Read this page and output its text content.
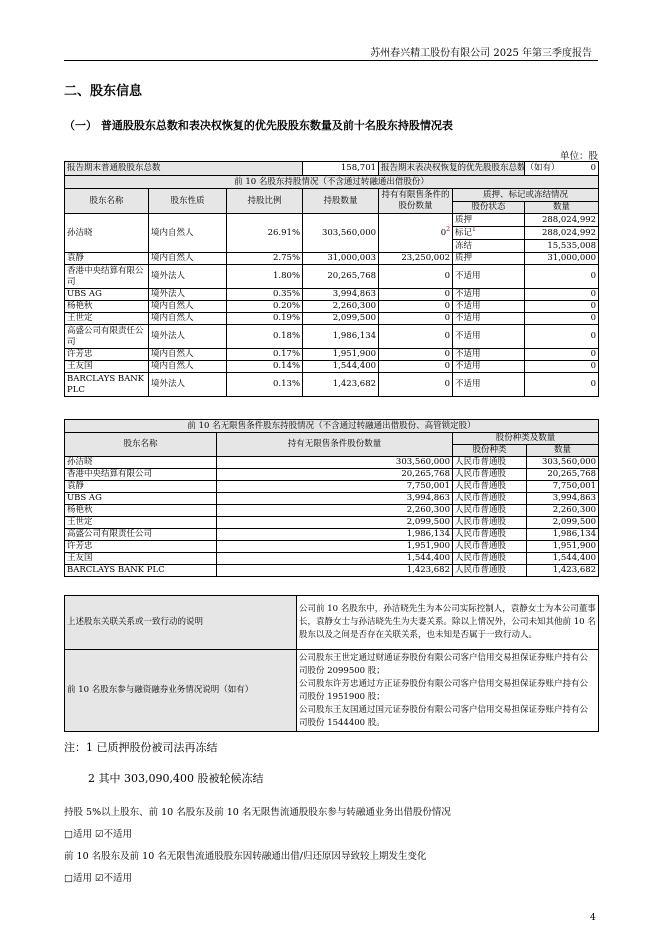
苏州春兴精工股份有限公司 2025 年第三季度报告
二、股东信息
（一） 普通股股东总数和表决权恢复的优先股股东数量及前十名股东持股情况表
单位：股
报告期末普通股股东总数			158,701	报告期末表决权恢复的优先股股东总数（如有）		0
前 10 名股东持股情况（不含通过转融通出借股份）						
股东名称	股东性质	持股比例	持股数量	持有有限售条件的股份数量	质押、标记或冻结情况	
					股份状态	数量
孙洁晓	境内自然人	26.91%	303,560,000	$0^2$	质押	288,024,992
					标记$^1$	288,024,992
					冻结	15,535,008
袁静	境内自然人	2.75%	31,000,003	23,250,002	质押	31,000,000
香港中央结算有限公司	境外法人	1.80%	20,265,768	0	不适用	0
UBS AG	境外法人	0.35%	3,994,863	0	不适用	0
杨艳秋	境内自然人	0.20%	2,260,300	0	不适用	0
王世定	境内自然人	0.19%	2,099,500	0	不适用	0
高盛公司有限责任公司	境外法人	0.18%	1,986,134	0	不适用	0
许芳忠	境内自然人	0.17%	1,951,900	0	不适用	0
王友国	境内自然人	0.14%	1,544,400	0	不适用	0
BARCLAYS BANK PLC	境外法人	0.13%	1,423,682	0	不适用	0
前 10 名无限售条件股东持股情况（不含通过转融通出借股份、高管锁定股）			
股东名称	持有无限售条件股份数量	股份种类及数量	
		股份种类	数量
孙洁晓	303,560,000	人民币普通股	303,560,000
香港中央结算有限公司	20,265,768	人民币普通股	20,265,768
袁静	7,750,001	人民币普通股	7,750,001
UBS AG	3,994,863	人民币普通股	3,994,863
杨艳秋	2,260,300	人民币普通股	2,260,300
王世定	2,099,500	人民币普通股	2,099,500
高盛公司有限责任公司	1,986,134	人民币普通股	1,986,134
许芳忠	1,951,900	人民币普通股	1,951,900
王友国	1,544,400	人民币普通股	1,544,400
BARCLAYS BANK PLC	1,423,682	人民币普通股	1,423,682
上述股东关联关系或一致行动的说明	公司前 10 名股东中，孙洁晓先生为本公司实际控制人，袁静女士为本公司董事长，袁静女士与孙洁晓先生为夫妻关系。除以上情况外，公司未知其他前 10 名股东以及之间是否存在关联关系，也未知是否属于一致行动人。
前 10 名股东参与融资融券业务情况说明（如有）	公司股东王世定通过财通证券股份有限公司客户信用交易担保证券账户持有公司股份 2099500 股；
公司股东许芳忠通过方正证券股份有限公司客户信用交易担保证券账户持有公司股份 1951900 股；
公司股东王友国通过国元证券股份有限公司客户信用交易担保证券账户持有公司股份 1544400 股。
注：1 已质押股份被司法再冻结
2 其中 303,090,400 股被轮候冻结
持股 5%以上股东、前 10 名股东及前 10 名无限售流通股股东参与转融通业务出借股份情况
□适用 ☑不适用
前 10 名股东及前 10 名无限售流通股股东因转融通出借/归还原因导致较上期发生变化
□适用 ☑不适用
4
